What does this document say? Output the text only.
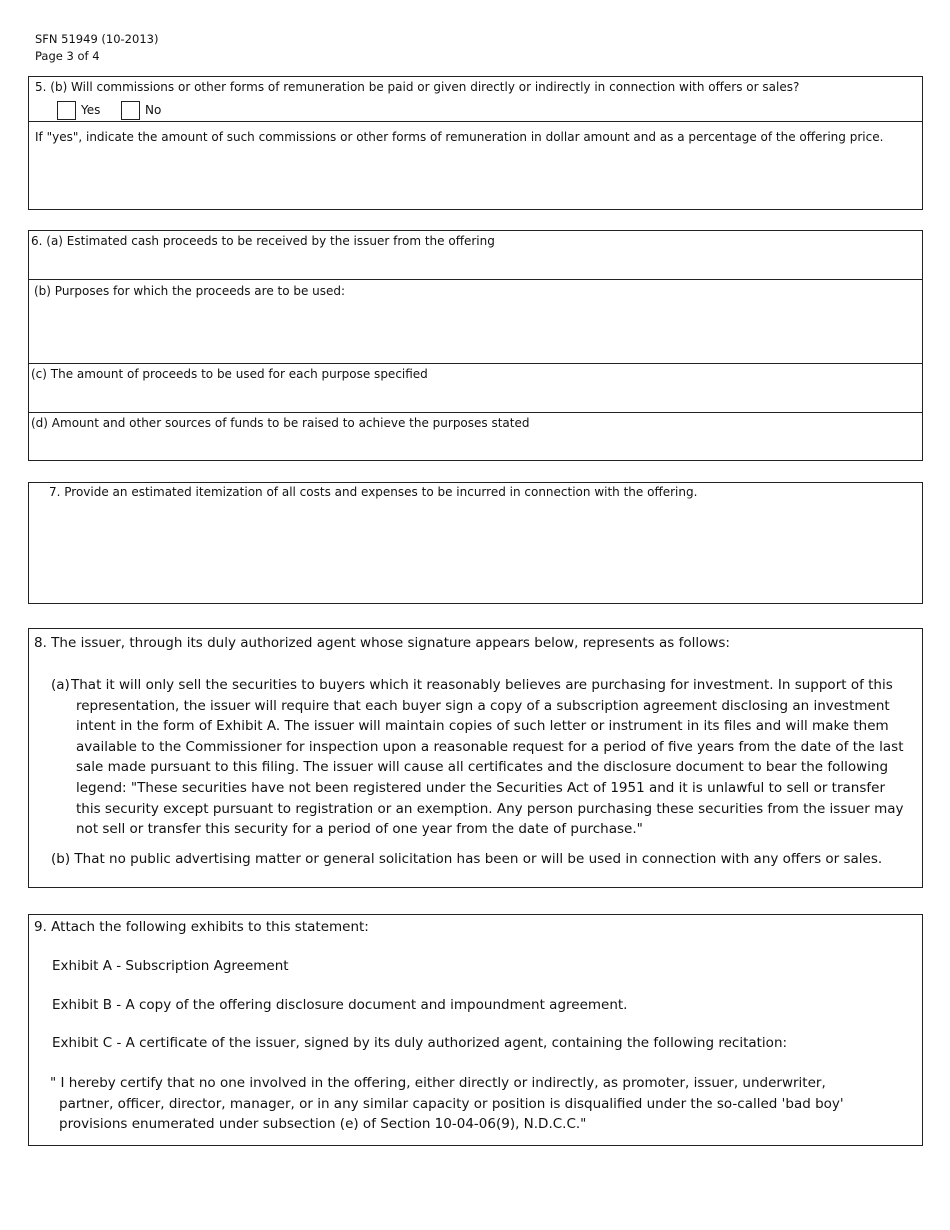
SFN 51949 (10-2013)
Page 3 of 4
5. (b) Will commissions or other forms of remuneration be paid or given directly or indirectly in connection with offers or sales?
Yes	No
If "yes", indicate the amount of such commissions or other forms of remuneration in dollar amount and as a percentage of the offering price.
6. (a) Estimated cash proceeds to be received by the issuer from the offering
(b) Purposes for which the proceeds are to be used:
(c) The amount of proceeds to be used for each purpose specified
(d) Amount and other sources of funds to be raised to achieve the purposes stated
7. Provide an estimated itemization of all costs and expenses to be incurred in connection with the offering.
8. The issuer, through its duly authorized agent whose signature appears below, represents as follows:
(a) That it will only sell the securities to buyers which it reasonably believes are purchasing for investment. In support of this
representation, the issuer will require that each buyer sign a copy of a subscription agreement disclosing an investment
intent in the form of Exhibit A. The issuer will maintain copies of such letter or instrument in its files and will make them
available to the Commissioner for inspection upon a reasonable request for a period of five years from the date of the last
sale made pursuant to this filing. The issuer will cause all certificates and the disclosure document to bear the following
legend: "These securities have not been registered under the Securities Act of 1951 and it is unlawful to sell or transfer
this security except pursuant to registration or an exemption. Any person purchasing these securities from the issuer may
not sell or transfer this security for a period of one year from the date of purchase."
(b) That no public advertising matter or general solicitation has been or will be used in connection with any offers or sales.
9. Attach the following exhibits to this statement:
Exhibit A - Subscription Agreement
Exhibit B - A copy of the offering disclosure document and impoundment agreement.
Exhibit C - A certificate of the issuer, signed by its duly authorized agent, containing the following recitation:
" I hereby certify that no one involved in the offering, either directly or indirectly, as promoter, issuer, underwriter,
partner, officer, director, manager, or in any similar capacity or position is disqualified under the so-called 'bad boy'
provisions enumerated under subsection (e) of Section 10-04-06(9), N.D.C.C."
